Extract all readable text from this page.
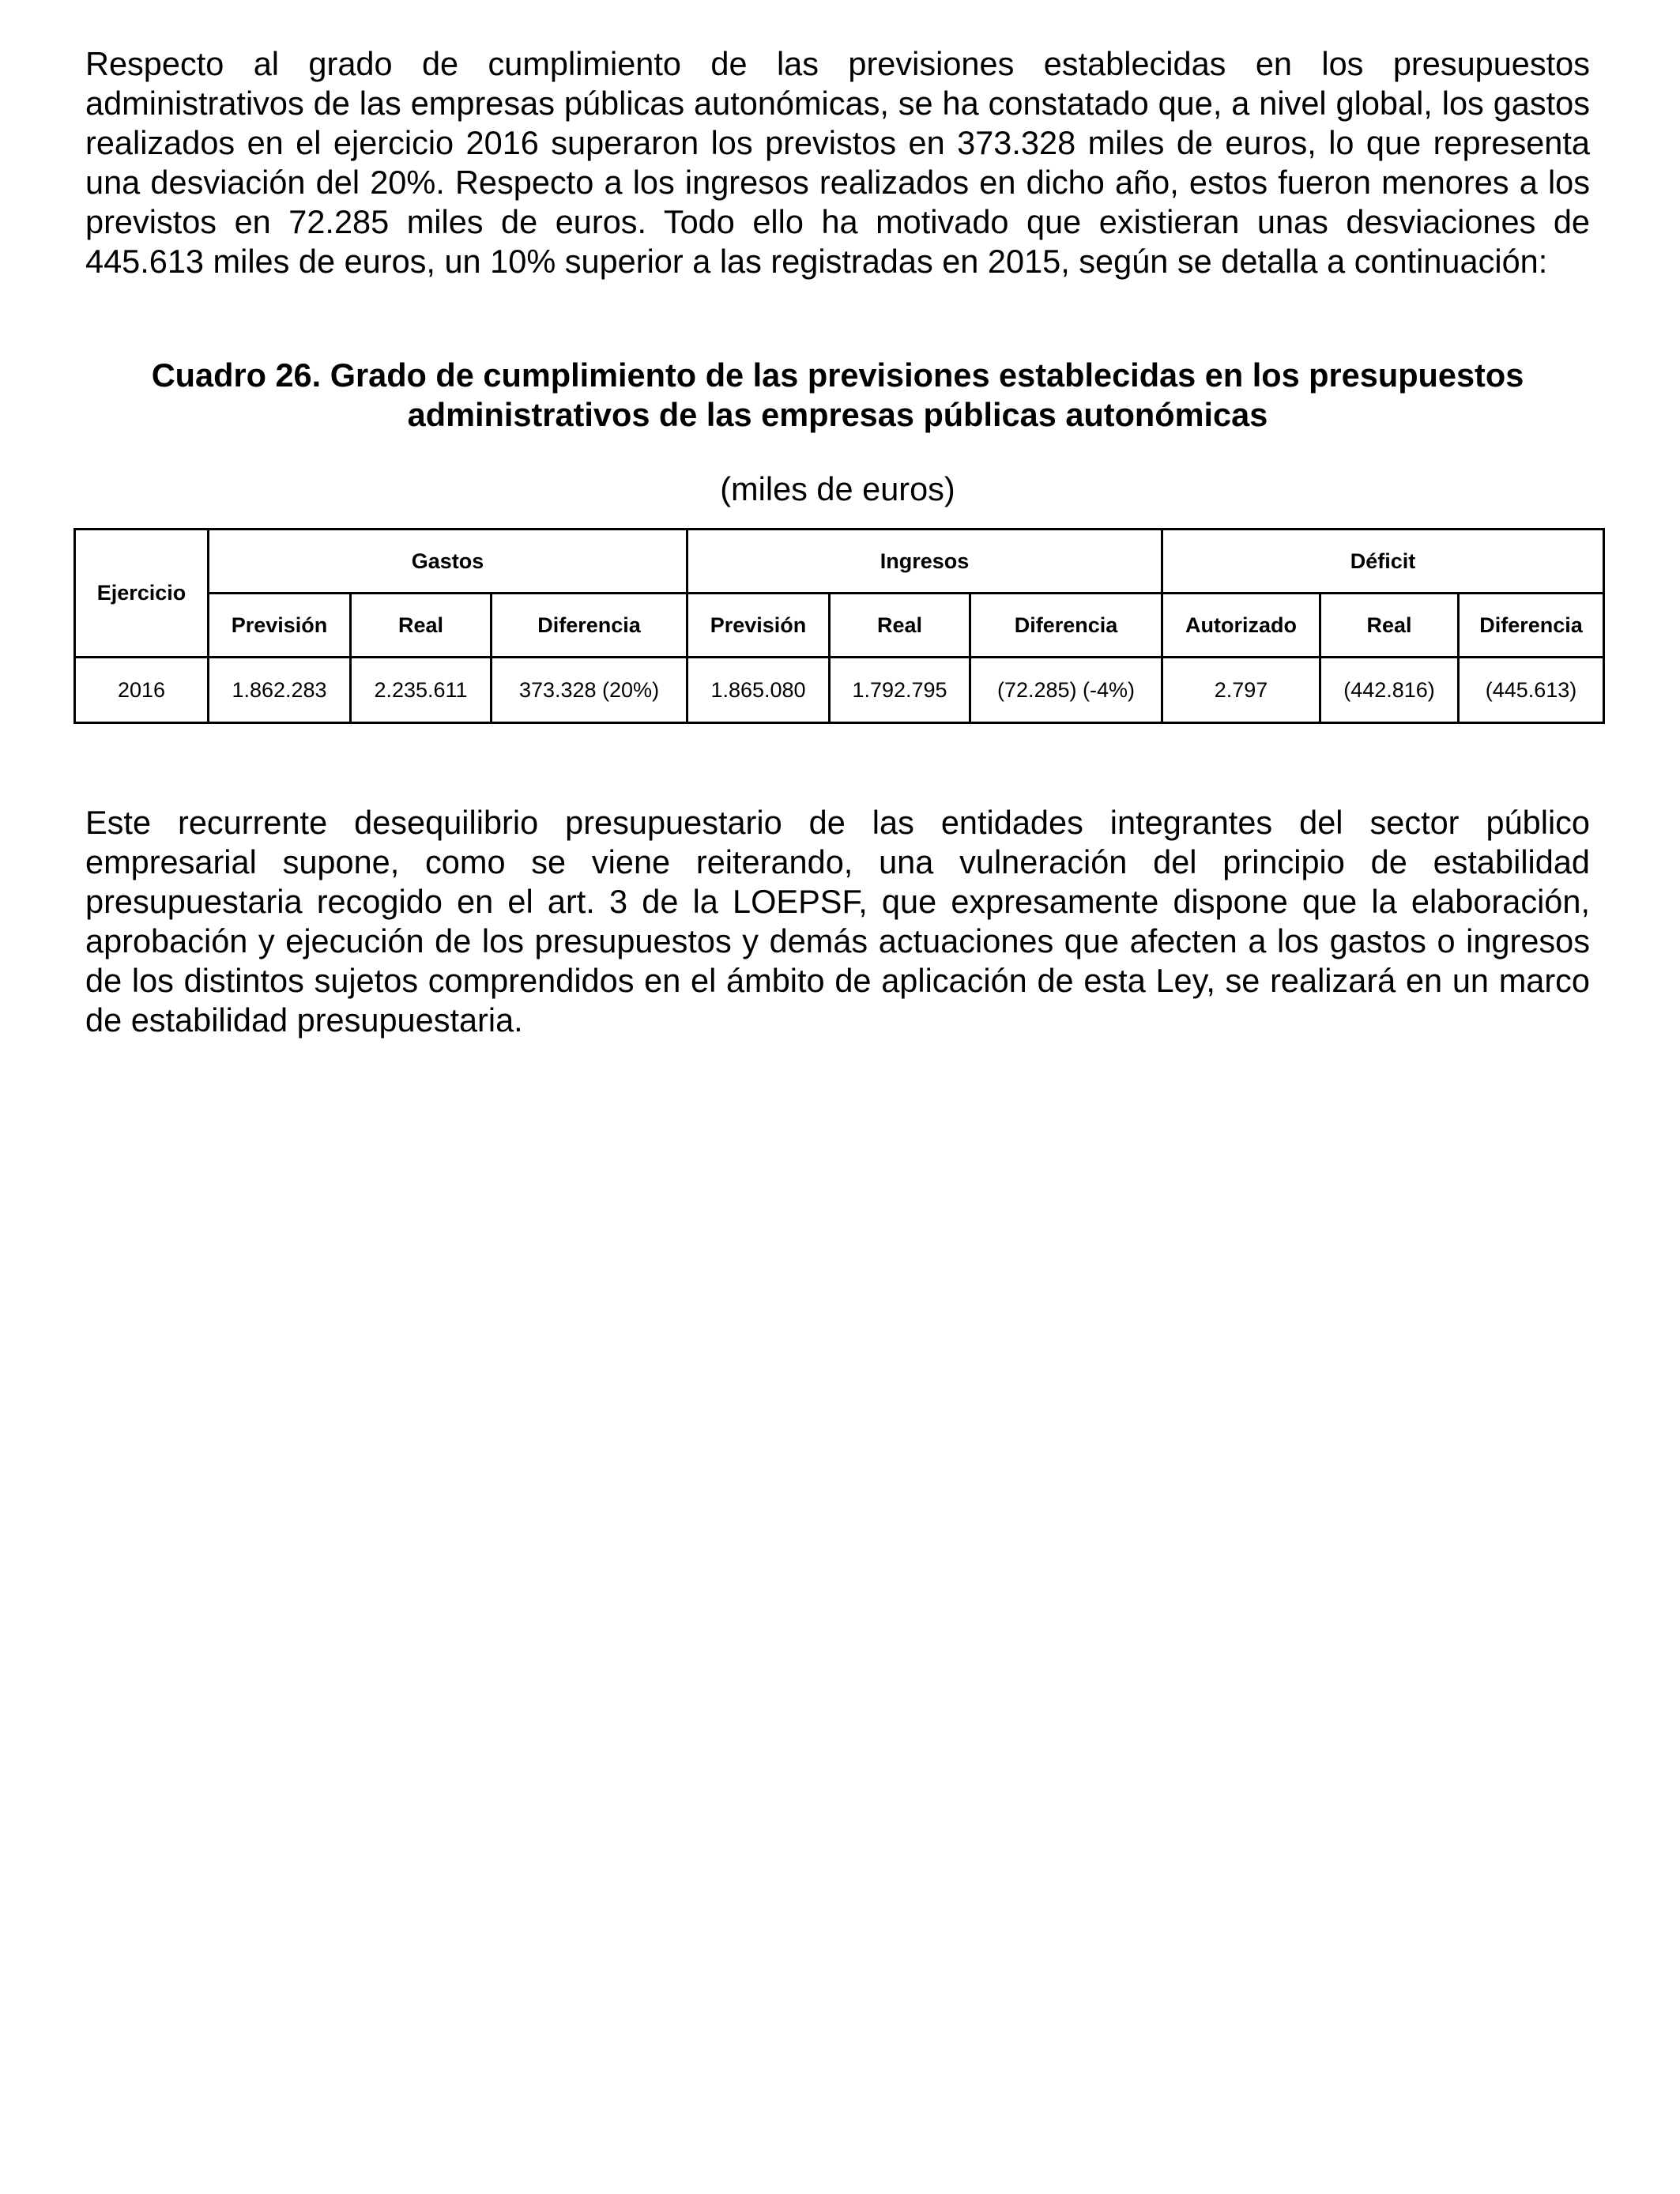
Respecto al grado de cumplimiento de las previsiones establecidas en los presupuestos administrativos de las empresas públicas autonómicas, se ha constatado que, a nivel global, los gastos realizados en el ejercicio 2016 superaron los previstos en 373.328 miles de euros, lo que representa una desviación del 20%. Respecto a los ingresos realizados en dicho año, estos fueron menores a los previstos en 72.285 miles de euros. Todo ello ha motivado que existieran unas desviaciones de 445.613 miles de euros, un 10% superior a las registradas en 2015, según se detalla a continuación:

Cuadro 26. Grado de cumplimiento de las previsiones establecidas en los presupuestos
administrativos de las empresas públicas autonómicas

(miles de euros)

Ejercicio	Gastos			Ingresos			Déficit		
	Previsión	Real	Diferencia	Previsión	Real	Diferencia	Autorizado	Real	Diferencia
2016	1.862.283	2.235.611	373.328 (20%)	1.865.080	1.792.795	(72.285) (-4%)	2.797	(442.816)	(445.613)

Este recurrente desequilibrio presupuestario de las entidades integrantes del sector público empresarial supone, como se viene reiterando, una vulneración del principio de estabilidad presupuestaria recogido en el art. 3 de la LOEPSF, que expresamente dispone que la elaboración, aprobación y ejecución de los presupuestos y demás actuaciones que afecten a los gastos o ingresos de los distintos sujetos comprendidos en el ámbito de aplicación de esta Ley, se realizará en un marco de estabilidad presupuestaria.
